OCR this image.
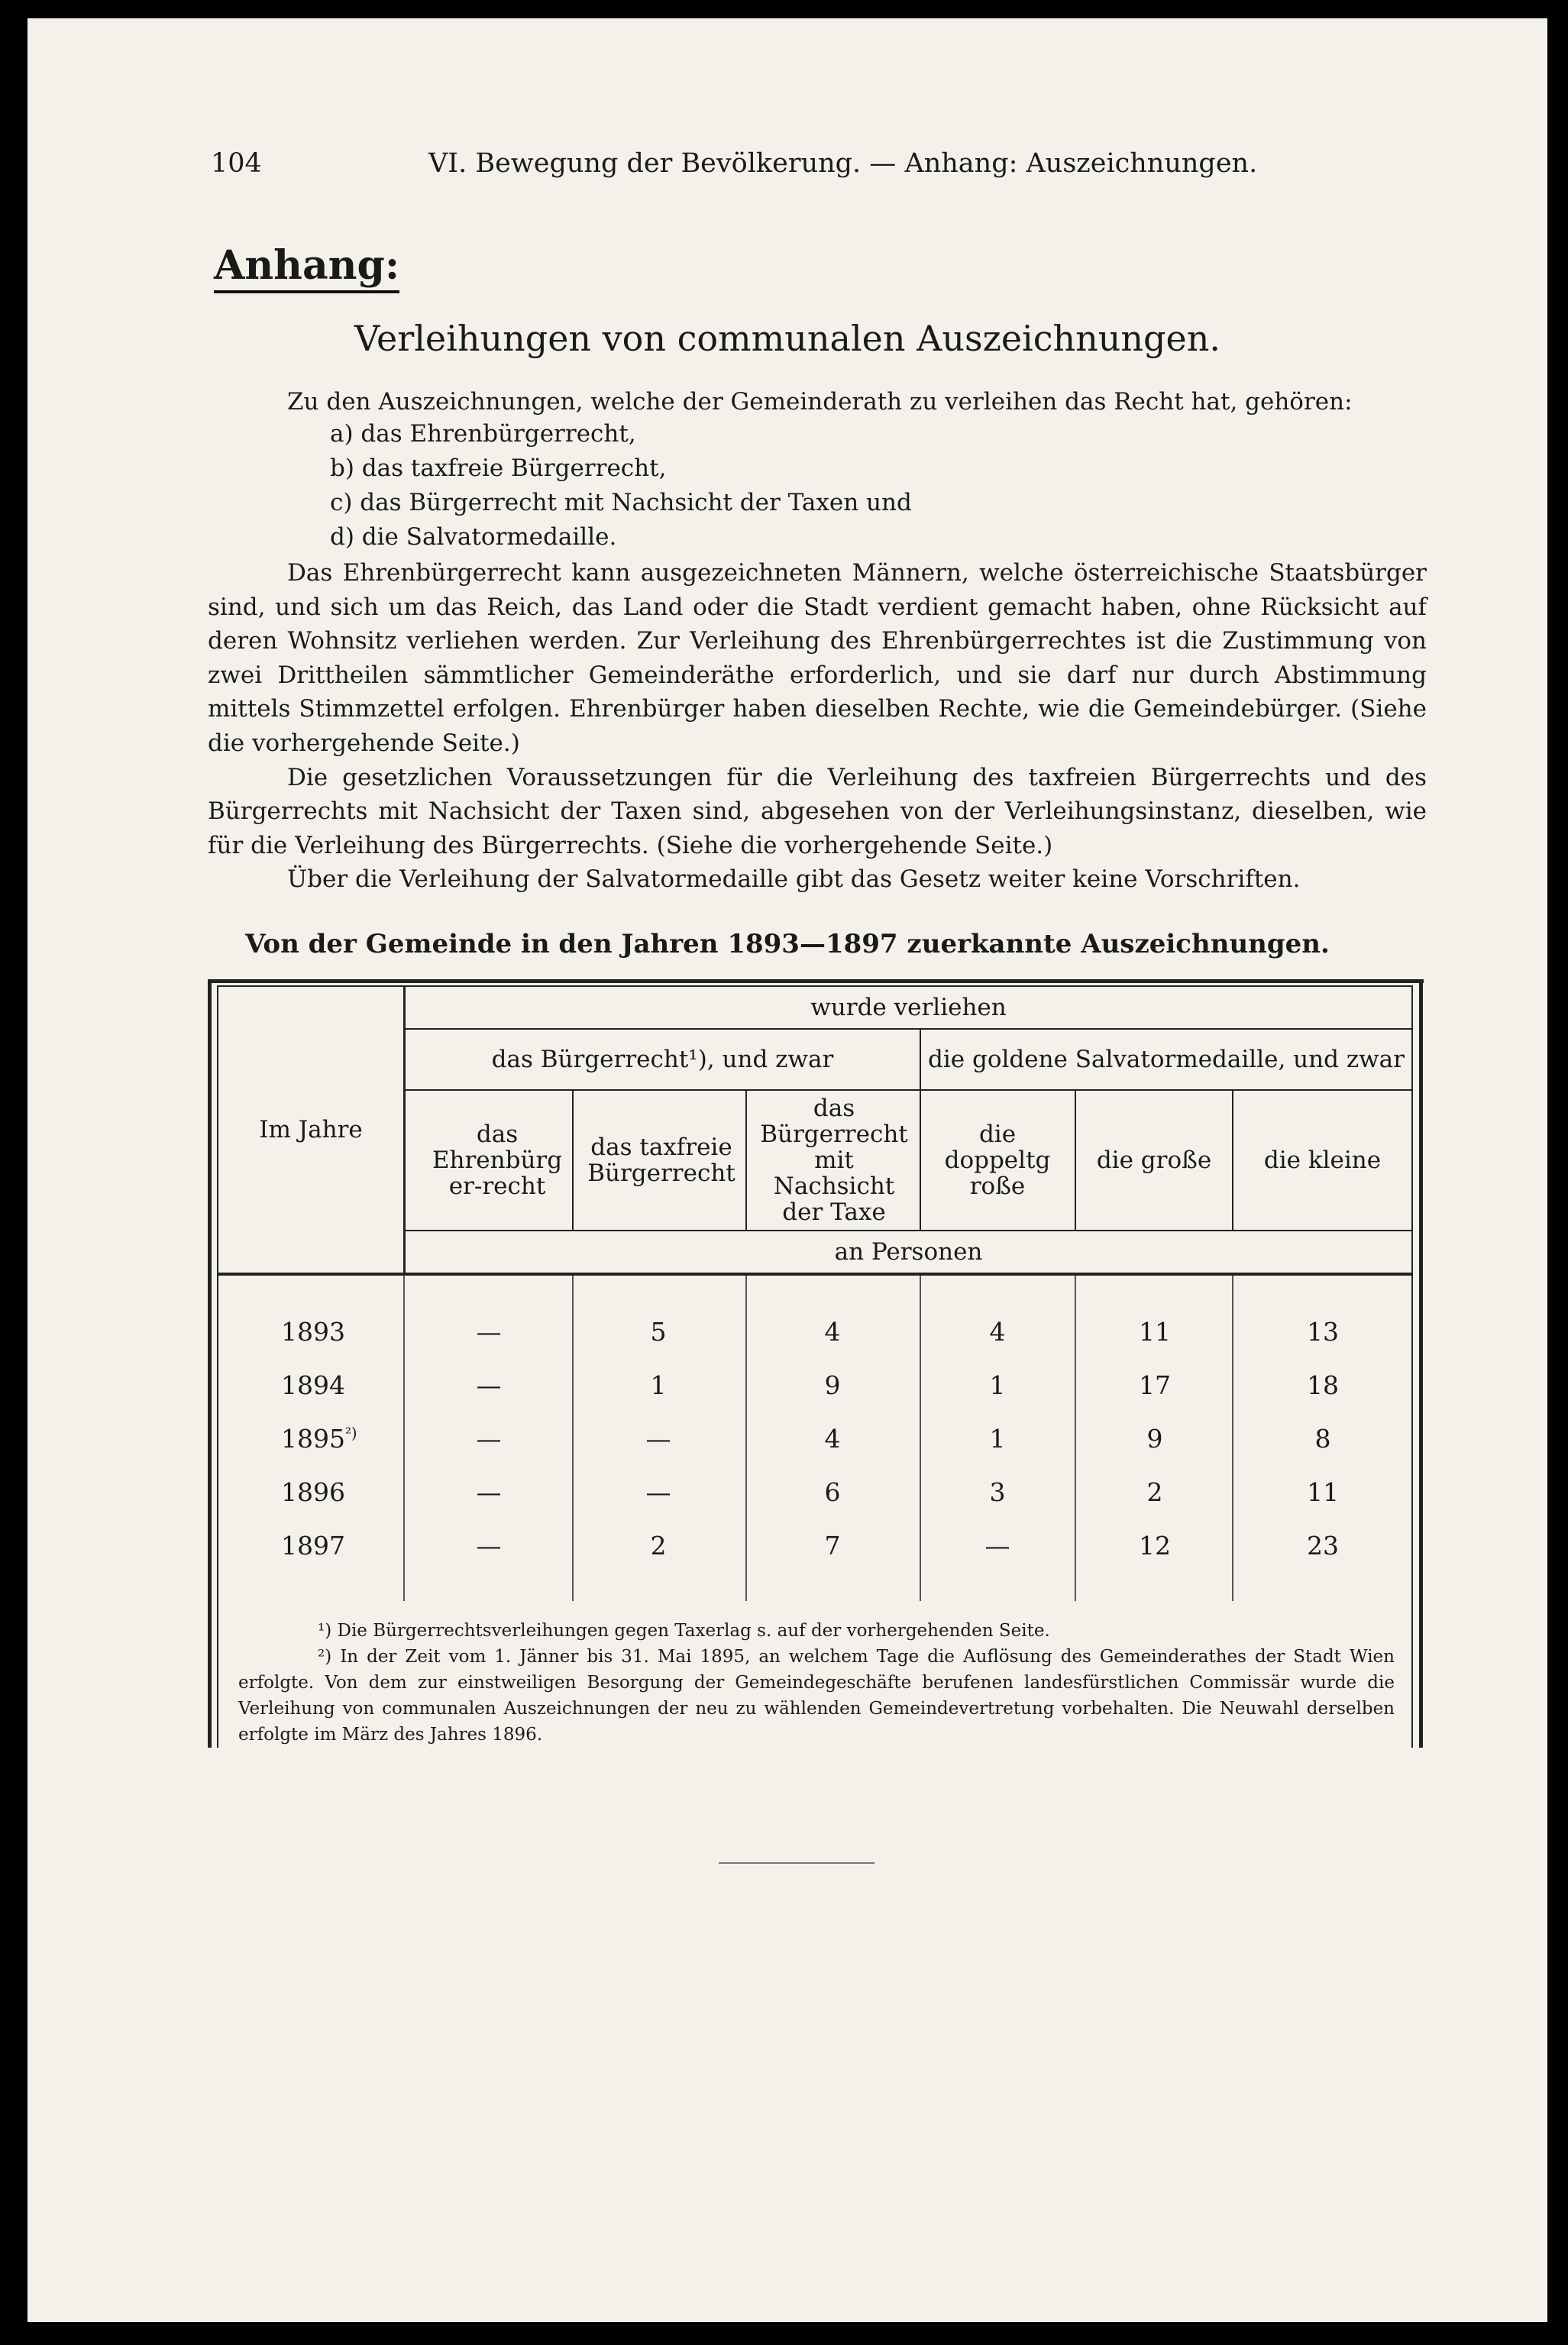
104	VI. Bewegung der Bevölkerung. — Anhang: Auszeichnungen.
Anhang:
Verleihungen von communalen Auszeichnungen.
Zu den Auszeichnungen, welche der Gemeinderath zu verleihen das Recht hat, gehören:
a) das Ehrenbürgerrecht,
b) das taxfreie Bürgerrecht,
c) das Bürgerrecht mit Nachsicht der Taxen und
d) die Salvatormedaille.

Das Ehrenbürgerrecht kann ausgezeichneten Männern, welche österreichische Staatsbürger sind, und sich um das Reich, das Land oder die Stadt verdient gemacht haben, ohne Rücksicht auf deren Wohnsitz verliehen werden. Zur Verleihung des Ehrenbürgerrechtes ist die Zustimmung von zwei Drittheilen sämmtlicher Gemeinderäthe erforderlich, und sie darf nur durch Abstimmung mittels Stimmzettel erfolgen. Ehrenbürger haben dieselben Rechte, wie die Gemeindebürger. (Siehe die vorhergehende Seite.)

Die gesetzlichen Voraussetzungen für die Verleihung des taxfreien Bürgerrechts und des Bürgerrechts mit Nachsicht der Taxen sind, abgesehen von der Verleihungsinstanz, dieselben, wie für die Verleihung des Bürgerrechts. (Siehe die vorhergehende Seite.)

Über die Verleihung der Salvatormedaille gibt das Gesetz weiter keine Vorschriften.

Von der Gemeinde in den Jahren 1893—1897 zuerkannte Auszeichnungen.
Im Jahre
wurde verliehen
das Bürgerrecht¹), und zwar	die goldene Salvatormedaille, und zwar
das Ehrenbürger-recht
das taxfreie Bürgerrecht
das Bürgerrecht mit Nachsicht der Taxe
die doppeltgroße
die große	die kleine
an Personen
1893	—	5	4	4	11	13
1894	—	1	9	1	17	18
$1895^{^2)}$	—	—	4	1	9	8
1896	—	—	6	3	2	11
1897	—	2	7	—	12	23

¹) Die Bürgerrechtsverleihungen gegen Taxerlag s. auf der vorhergehenden Seite.

²) In der Zeit vom 1. Jänner bis 31. Mai 1895, an welchem Tage die Auflösung des Gemeinderathes der Stadt Wien erfolgte. Von dem zur einstweiligen Besorgung der Gemeindegeschäfte berufenen landesfürstlichen Commissär wurde die Verleihung von communalen Auszeichnungen der neu zu wählenden Gemeindevertretung vorbehalten. Die Neuwahl derselben erfolgte im März des Jahres 1896.
